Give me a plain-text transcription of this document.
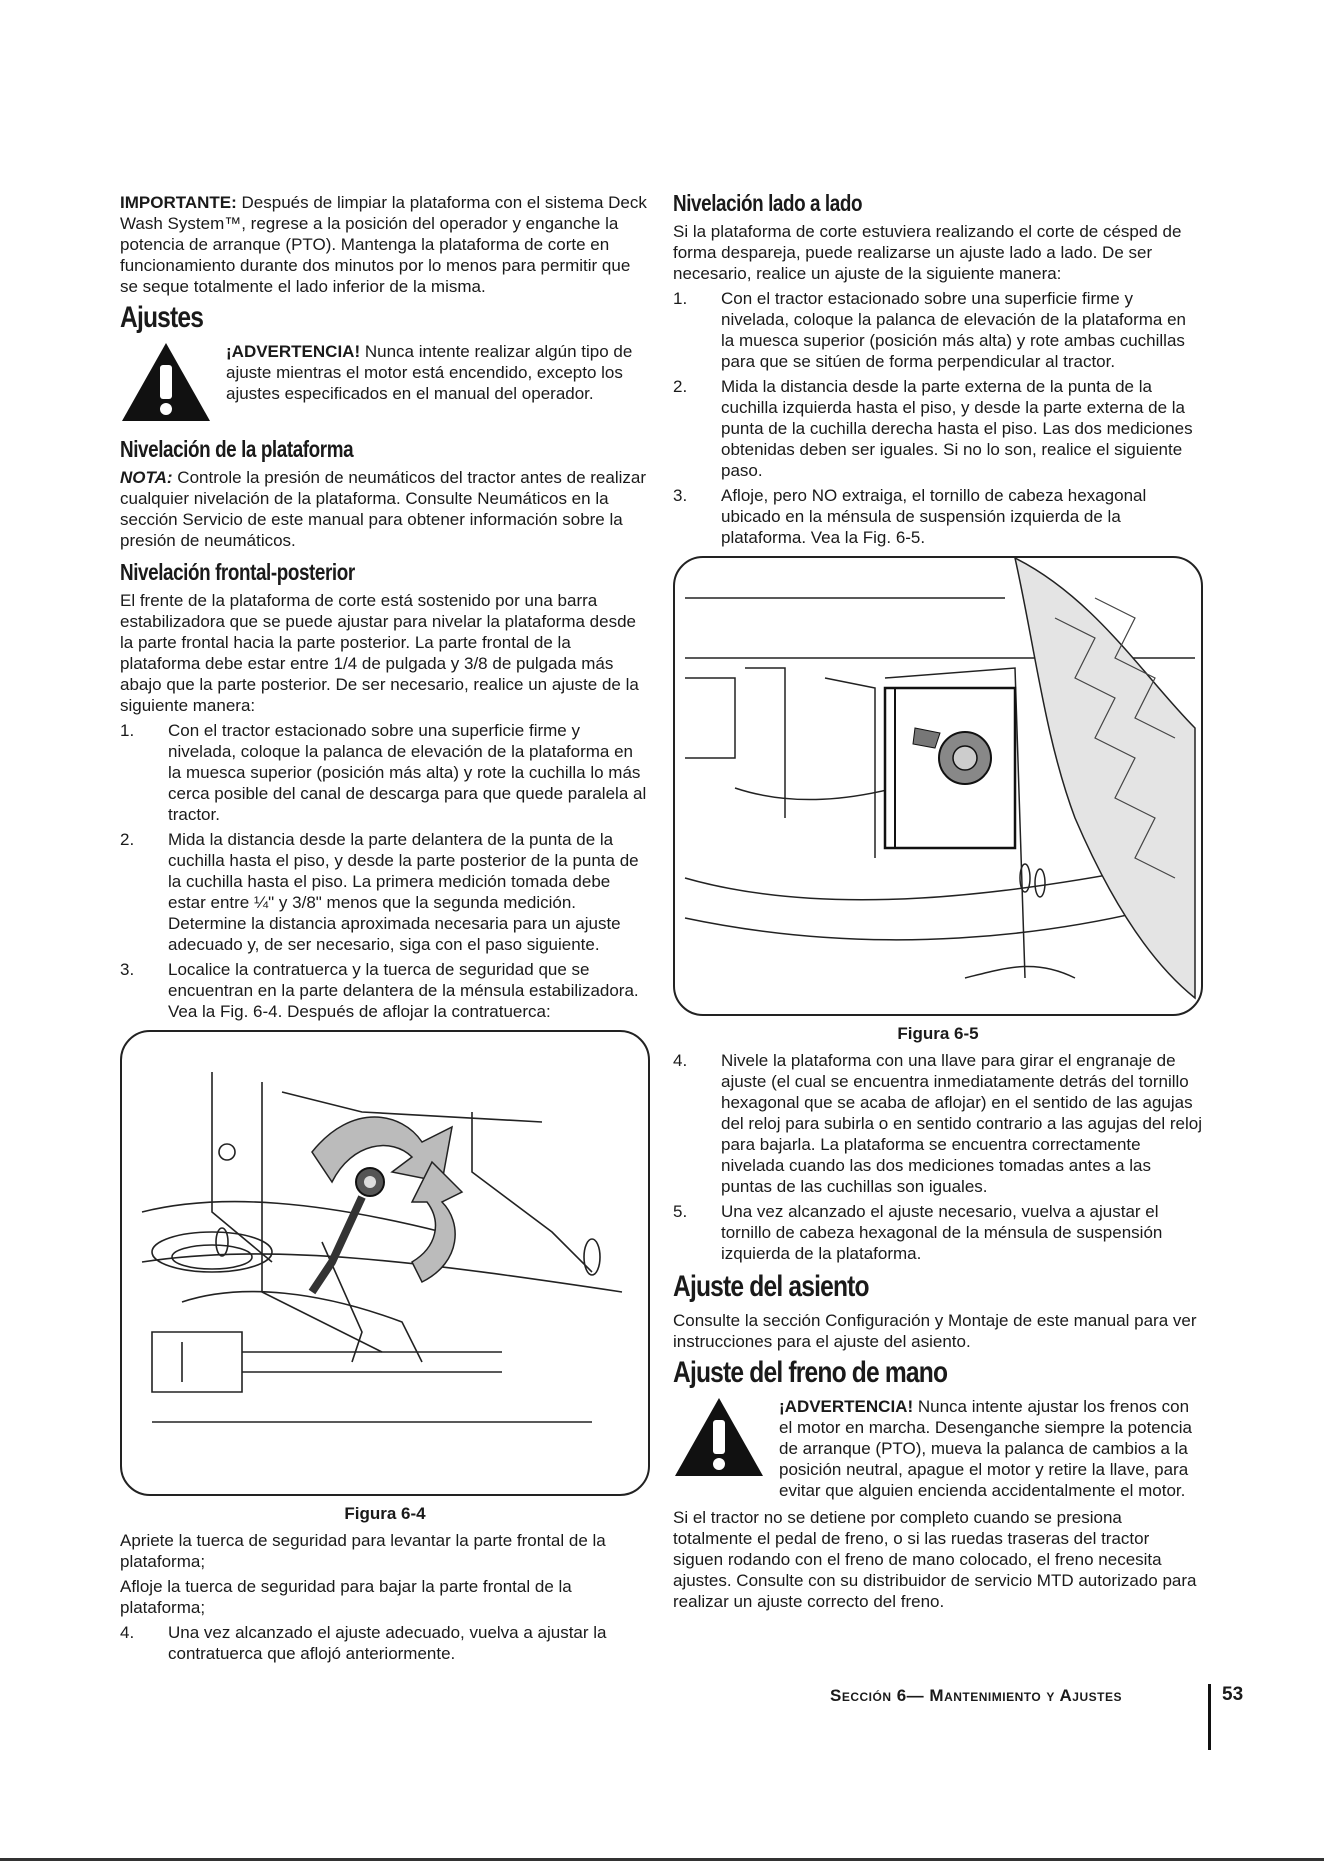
IMPORTANTE: Después de limpiar la plataforma con el sistema Deck Wash System™, regrese a la posición del operador y enganche la potencia de arranque (PTO). Mantenga la plataforma de corte en funcionamiento durante dos minutos por lo menos para permitir que se seque totalmente el lado inferior de la misma.

Ajustes

¡ADVERTENCIA! Nunca intente realizar algún tipo de ajuste mientras el motor está encendido, excepto los ajustes especificados en el manual del operador.

Nivelación de la plataforma

NOTA: Controle la presión de neumáticos del tractor antes de realizar cualquier nivelación de la plataforma. Consulte Neumáticos en la sección Servicio de este manual para obtener información sobre la presión de neumáticos.

Nivelación frontal-posterior

El frente de la plataforma de corte está sostenido por una barra estabilizadora que se puede ajustar para nivelar la plataforma desde la parte frontal hacia la parte posterior. La parte frontal de la plataforma debe estar entre 1/4 de pulgada y 3/8 de pulgada más abajo que la parte posterior. De ser necesario, realice un ajuste de la siguiente manera:

1. Con el tractor estacionado sobre una superficie firme y nivelada, coloque la palanca de elevación de la plataforma en la muesca superior (posición más alta) y rote la cuchilla lo más cerca posible del canal de descarga para que quede paralela al tractor.
2. Mida la distancia desde la parte delantera de la punta de la cuchilla hasta el piso, y desde la parte posterior de la punta de la cuchilla hasta el piso. La primera medición tomada debe estar entre ¼" y 3/8" menos que la segunda medición. Determine la distancia aproximada necesaria para un ajuste adecuado y, de ser necesario, siga con el paso siguiente.
3. Localice la contratuerca y la tuerca de seguridad que se encuentran en la parte delantera de la ménsula estabilizadora. Vea la Fig. 6-4. Después de aflojar la contratuerca:
Figura 6-4

Apriete la tuerca de seguridad para levantar la parte frontal de la plataforma;

Afloje la tuerca de seguridad para bajar la parte frontal de la plataforma;

4. Una vez alcanzado el ajuste adecuado, vuelva a ajustar la contratuerca que aflojó anteriormente.
Nivelación lado a lado

Si la plataforma de corte estuviera realizando el corte de césped de forma despareja, puede realizarse un ajuste lado a lado. De ser necesario, realice un ajuste de la siguiente manera:

1. Con el tractor estacionado sobre una superficie firme y nivelada, coloque la palanca de elevación de la plataforma en la muesca superior (posición más alta) y rote ambas cuchillas para que se sitúen de forma perpendicular al tractor.
2. Mida la distancia desde la parte externa de la punta de la cuchilla izquierda hasta el piso, y desde la parte externa de la punta de la cuchilla derecha hasta el piso. Las dos mediciones obtenidas deben ser iguales. Si no lo son, realice el siguiente paso.
3. Afloje, pero NO extraiga, el tornillo de cabeza hexagonal ubicado en la ménsula de suspensión izquierda de la plataforma. Vea la Fig. 6-5.
Figura 6-5
4. Nivele la plataforma con una llave para girar el engranaje de ajuste (el cual se encuentra inmediatamente detrás del tornillo hexagonal que se acaba de aflojar) en el sentido de las agujas del reloj para subirla o en sentido contrario a las agujas del reloj para bajarla. La plataforma se encuentra correctamente nivelada cuando las dos mediciones tomadas antes a las puntas de las cuchillas son iguales.
5. Una vez alcanzado el ajuste necesario, vuelva a ajustar el tornillo de cabeza hexagonal de la ménsula de suspensión izquierda de la plataforma.
Ajuste del asiento

Consulte la sección Configuración y Montaje de este manual para ver instrucciones para el ajuste del asiento.

Ajuste del freno de mano

¡ADVERTENCIA! Nunca intente ajustar los frenos con el motor en marcha. Desenganche siempre la potencia de arranque (PTO), mueva la palanca de cambios a la posición neutral, apague el motor y retire la llave, para evitar que alguien encienda accidentalmente el motor.

Si el tractor no se detiene por completo cuando se presiona totalmente el pedal de freno, o si las ruedas traseras del tractor siguen rodando con el freno de mano colocado, el freno necesita ajustes. Consulte con su distribuidor de servicio MTD autorizado para realizar un ajuste correcto del freno.

Sección 6— Mantenimiento y Ajustes	53
